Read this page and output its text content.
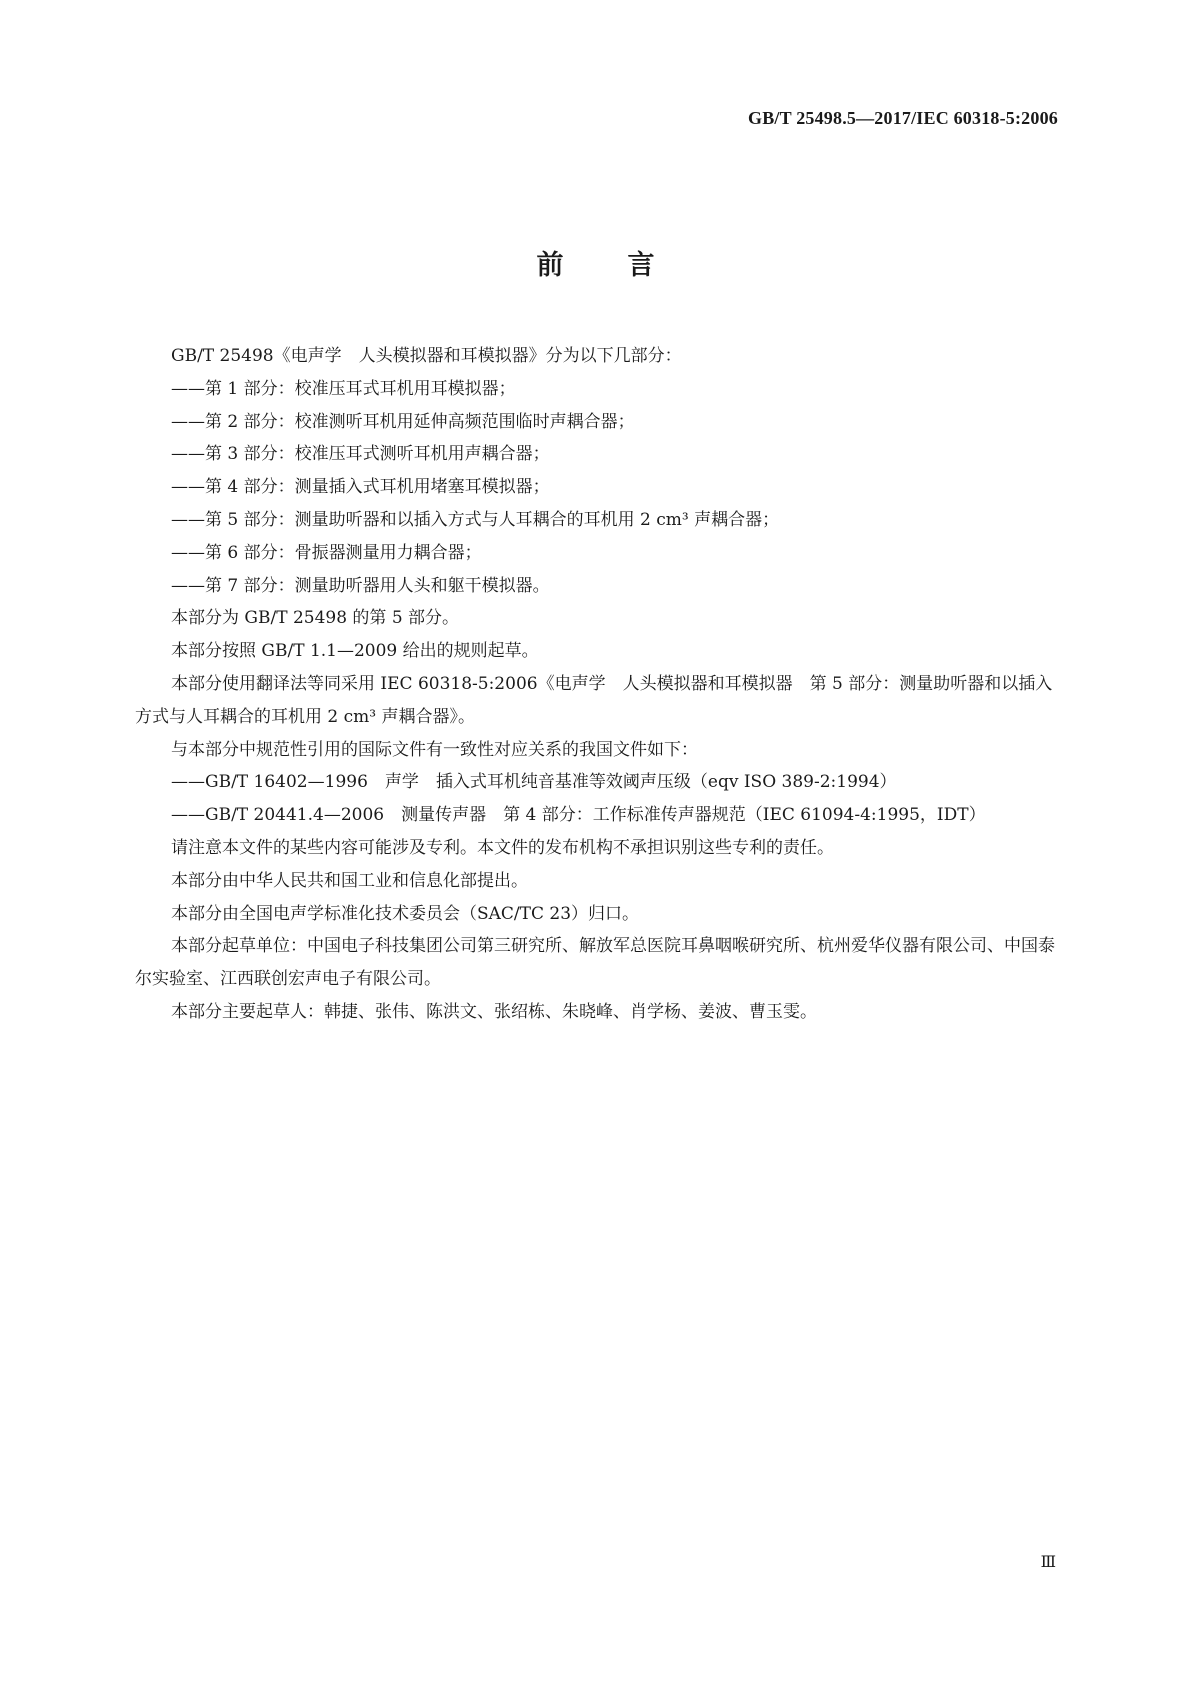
GB/T 25498.5—2017/IEC 60318-5:2006
前言

GB/T 25498《电声学　人头模拟器和耳模拟器》分为以下几部分：

——第 1 部分：校准压耳式耳机用耳模拟器；

——第 2 部分：校准测听耳机用延伸高频范围临时声耦合器；

——第 3 部分：校准压耳式测听耳机用声耦合器；

——第 4 部分：测量插入式耳机用堵塞耳模拟器；

——第 5 部分：测量助听器和以插入方式与人耳耦合的耳机用 2 cm³ 声耦合器；

——第 6 部分：骨振器测量用力耦合器；

——第 7 部分：测量助听器用人头和躯干模拟器。

本部分为 GB/T 25498 的第 5 部分。

本部分按照 GB/T 1.1—2009 给出的规则起草。

本部分使用翻译法等同采用 IEC 60318-5:2006《电声学　人头模拟器和耳模拟器　第 5 部分：测量助听器和以插入方式与人耳耦合的耳机用 2 cm³ 声耦合器》。

与本部分中规范性引用的国际文件有一致性对应关系的我国文件如下：

——GB/T 16402—1996　声学　插入式耳机纯音基准等效阈声压级（eqv ISO 389-2:1994）

——GB/T 20441.4—2006　测量传声器　第 4 部分：工作标准传声器规范（IEC 61094-4:1995，IDT）

请注意本文件的某些内容可能涉及专利。本文件的发布机构不承担识别这些专利的责任。

本部分由中华人民共和国工业和信息化部提出。

本部分由全国电声学标准化技术委员会（SAC/TC 23）归口。

本部分起草单位：中国电子科技集团公司第三研究所、解放军总医院耳鼻咽喉研究所、杭州爱华仪器有限公司、中国泰尔实验室、江西联创宏声电子有限公司。

本部分主要起草人：韩捷、张伟、陈洪文、张绍栋、朱晓峰、肖学杨、姜波、曹玉雯。

Ⅲ
